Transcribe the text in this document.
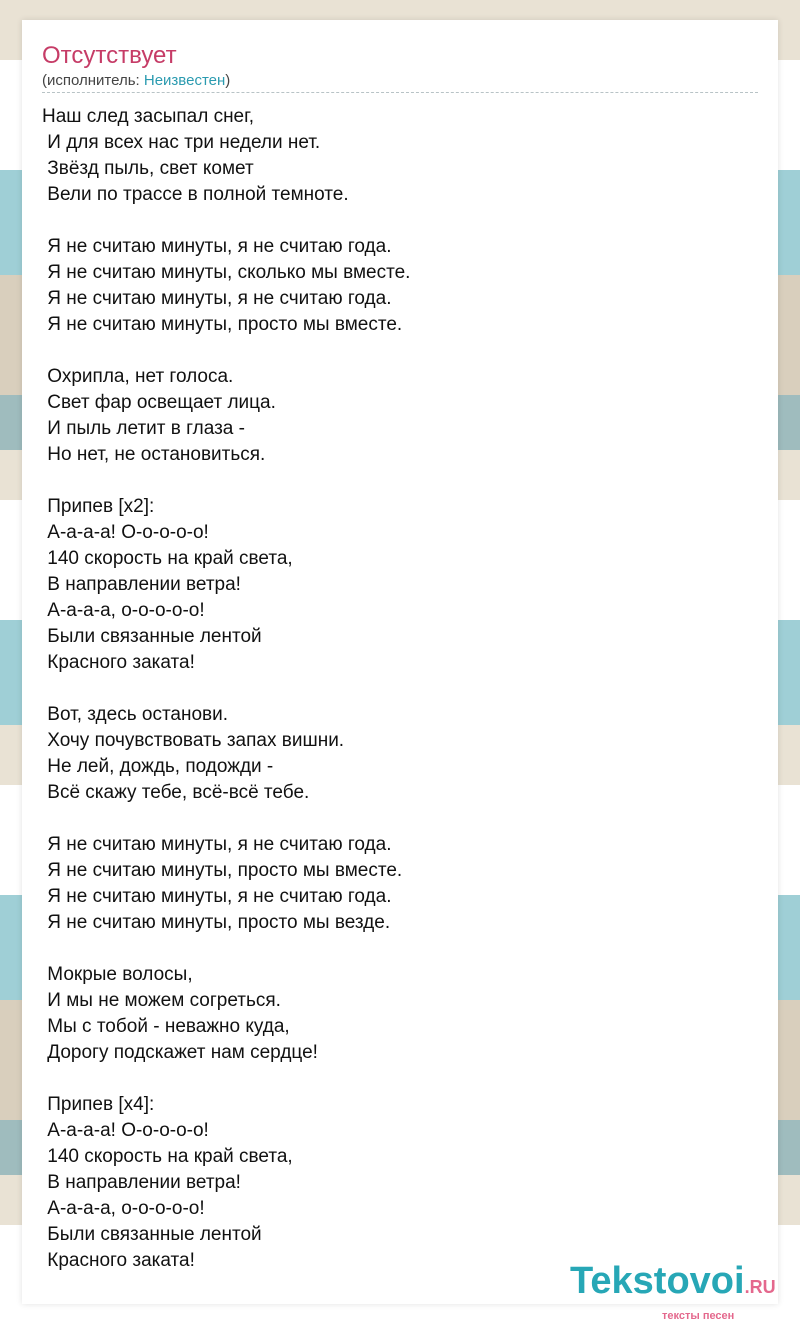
Отсутствует
(исполнитель: Неизвестен)
Наш след засыпал снег,
И для всех нас три недели нет.
Звёзд пыль, свет комет
Вели по трассе в полной темноте.
Я не считаю минуты, я не считаю года.
Я не считаю минуты, сколько мы вместе.
Я не считаю минуты, я не считаю года.
Я не считаю минуты, просто мы вместе.
Охрипла, нет голоса.
Свет фар освещает лица.
И пыль летит в глаза -
Но нет, не остановиться.
Припев [x2]:
А-а-а-а! О-о-о-о-о!
140 скорость на край света,
В направлении ветра!
А-а-а-а, о-о-о-о-о!
Были связанные лентой
Красного заката!
Вот, здесь останови.
Хочу почувствовать запах вишни.
Не лей, дождь, подожди -
Всё скажу тебе, всё-всё тебе.
Я не считаю минуты, я не считаю года.
Я не считаю минуты, просто мы вместе.
Я не считаю минуты, я не считаю года.
Я не считаю минуты, просто мы везде.
Мокрые волосы,
И мы не можем согреться.
Мы с тобой - неважно куда,
Дорогу подскажет нам сердце!
Припев [x4]:
А-а-а-а! О-о-о-о-о!
140 скорость на край света,
В направлении ветра!
А-а-а-а, о-о-о-о-о!
Были связанные лентой
Красного заката!	Tekstovoi.RU
тексты песен
